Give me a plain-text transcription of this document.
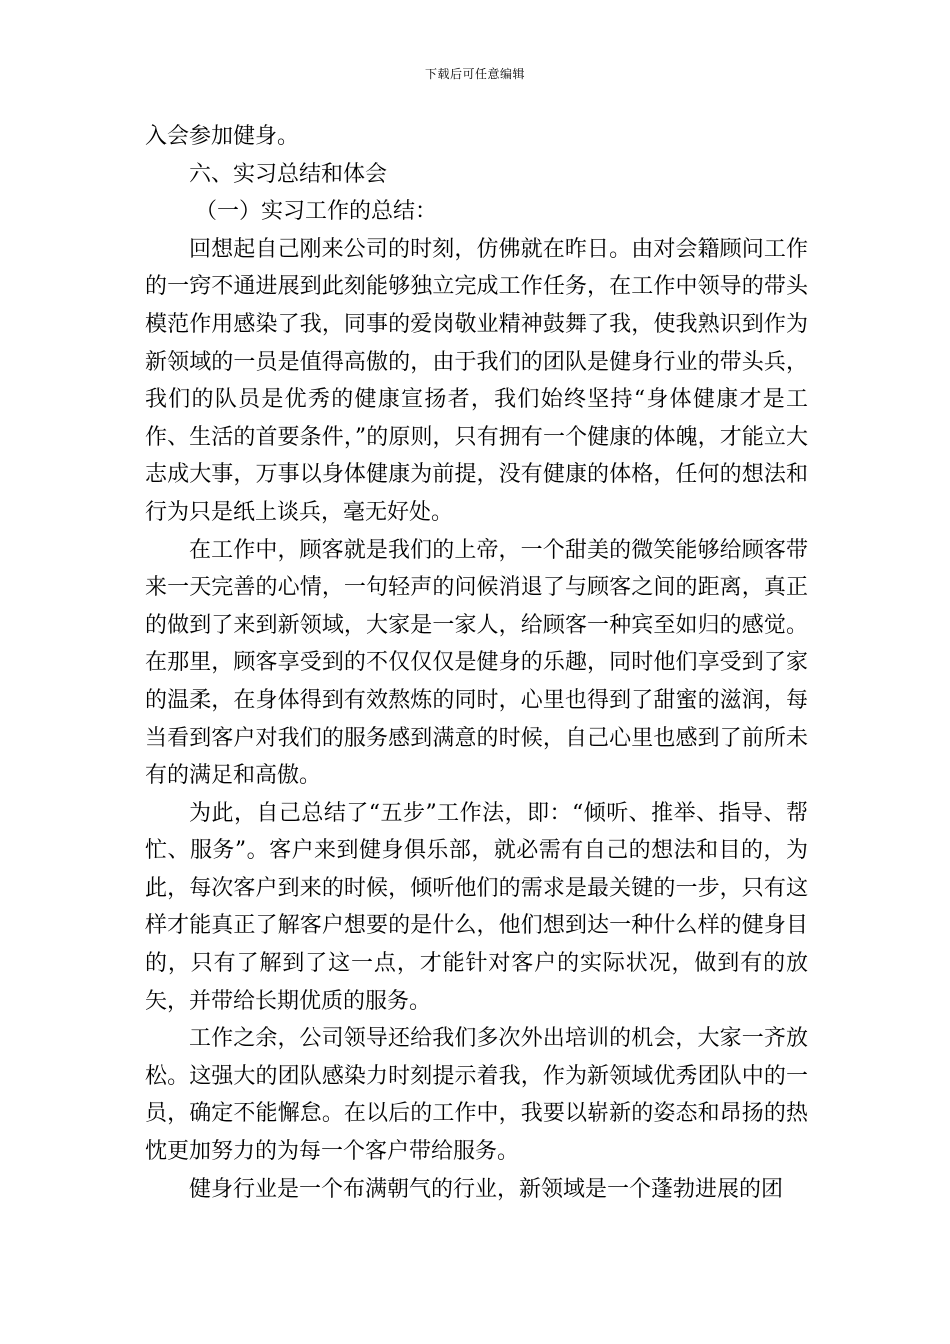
下载后可任意编辑

入会参加健身。

六、实习总结和体会

（一）实习工作的总结：

回想起自己刚来公司的时刻，仿佛就在昨日。由对会籍顾问工作的一窍不通进展到此刻能够独立完成工作任务，在工作中领导的带头模范作用感染了我，同事的爱岗敬业精神鼓舞了我，使我熟识到作为新领域的一员是值得高傲的，由于我们的团队是健身行业的带头兵，我们的队员是优秀的健康宣扬者，我们始终坚持“身体健康才是工作、生活的首要条件，”的原则，只有拥有一个健康的体魄，才能立大志成大事，万事以身体健康为前提，没有健康的体格，任何的想法和行为只是纸上谈兵，毫无好处。

在工作中，顾客就是我们的上帝，一个甜美的微笑能够给顾客带来一天完善的心情，一句轻声的问候消退了与顾客之间的距离，真正的做到了来到新领域，大家是一家人，给顾客一种宾至如归的感觉。在那里，顾客享受到的不仅仅仅是健身的乐趣，同时他们享受到了家的温柔，在身体得到有效熬炼的同时，心里也得到了甜蜜的滋润，每当看到客户对我们的服务感到满意的时候，自己心里也感到了前所未有的满足和高傲。

为此，自己总结了“五步”工作法，即：“倾听、推举、指导、帮忙、服务”。客户来到健身俱乐部，就必需有自己的想法和目的，为此，每次客户到来的时候，倾听他们的需求是最关键的一步，只有这样才能真正了解客户想要的是什么，他们想到达一种什么样的健身目的，只有了解到了这一点，才能针对客户的实际状况，做到有的放矢，并带给长期优质的服务。

工作之余，公司领导还给我们多次外出培训的机会，大家一齐放松。这强大的团队感染力时刻提示着我，作为新领域优秀团队中的一员，确定不能懈怠。在以后的工作中，我要以崭新的姿态和昂扬的热忱更加努力的为每一个客户带给服务。

健身行业是一个布满朝气的行业，新领域是一个蓬勃进展的团
